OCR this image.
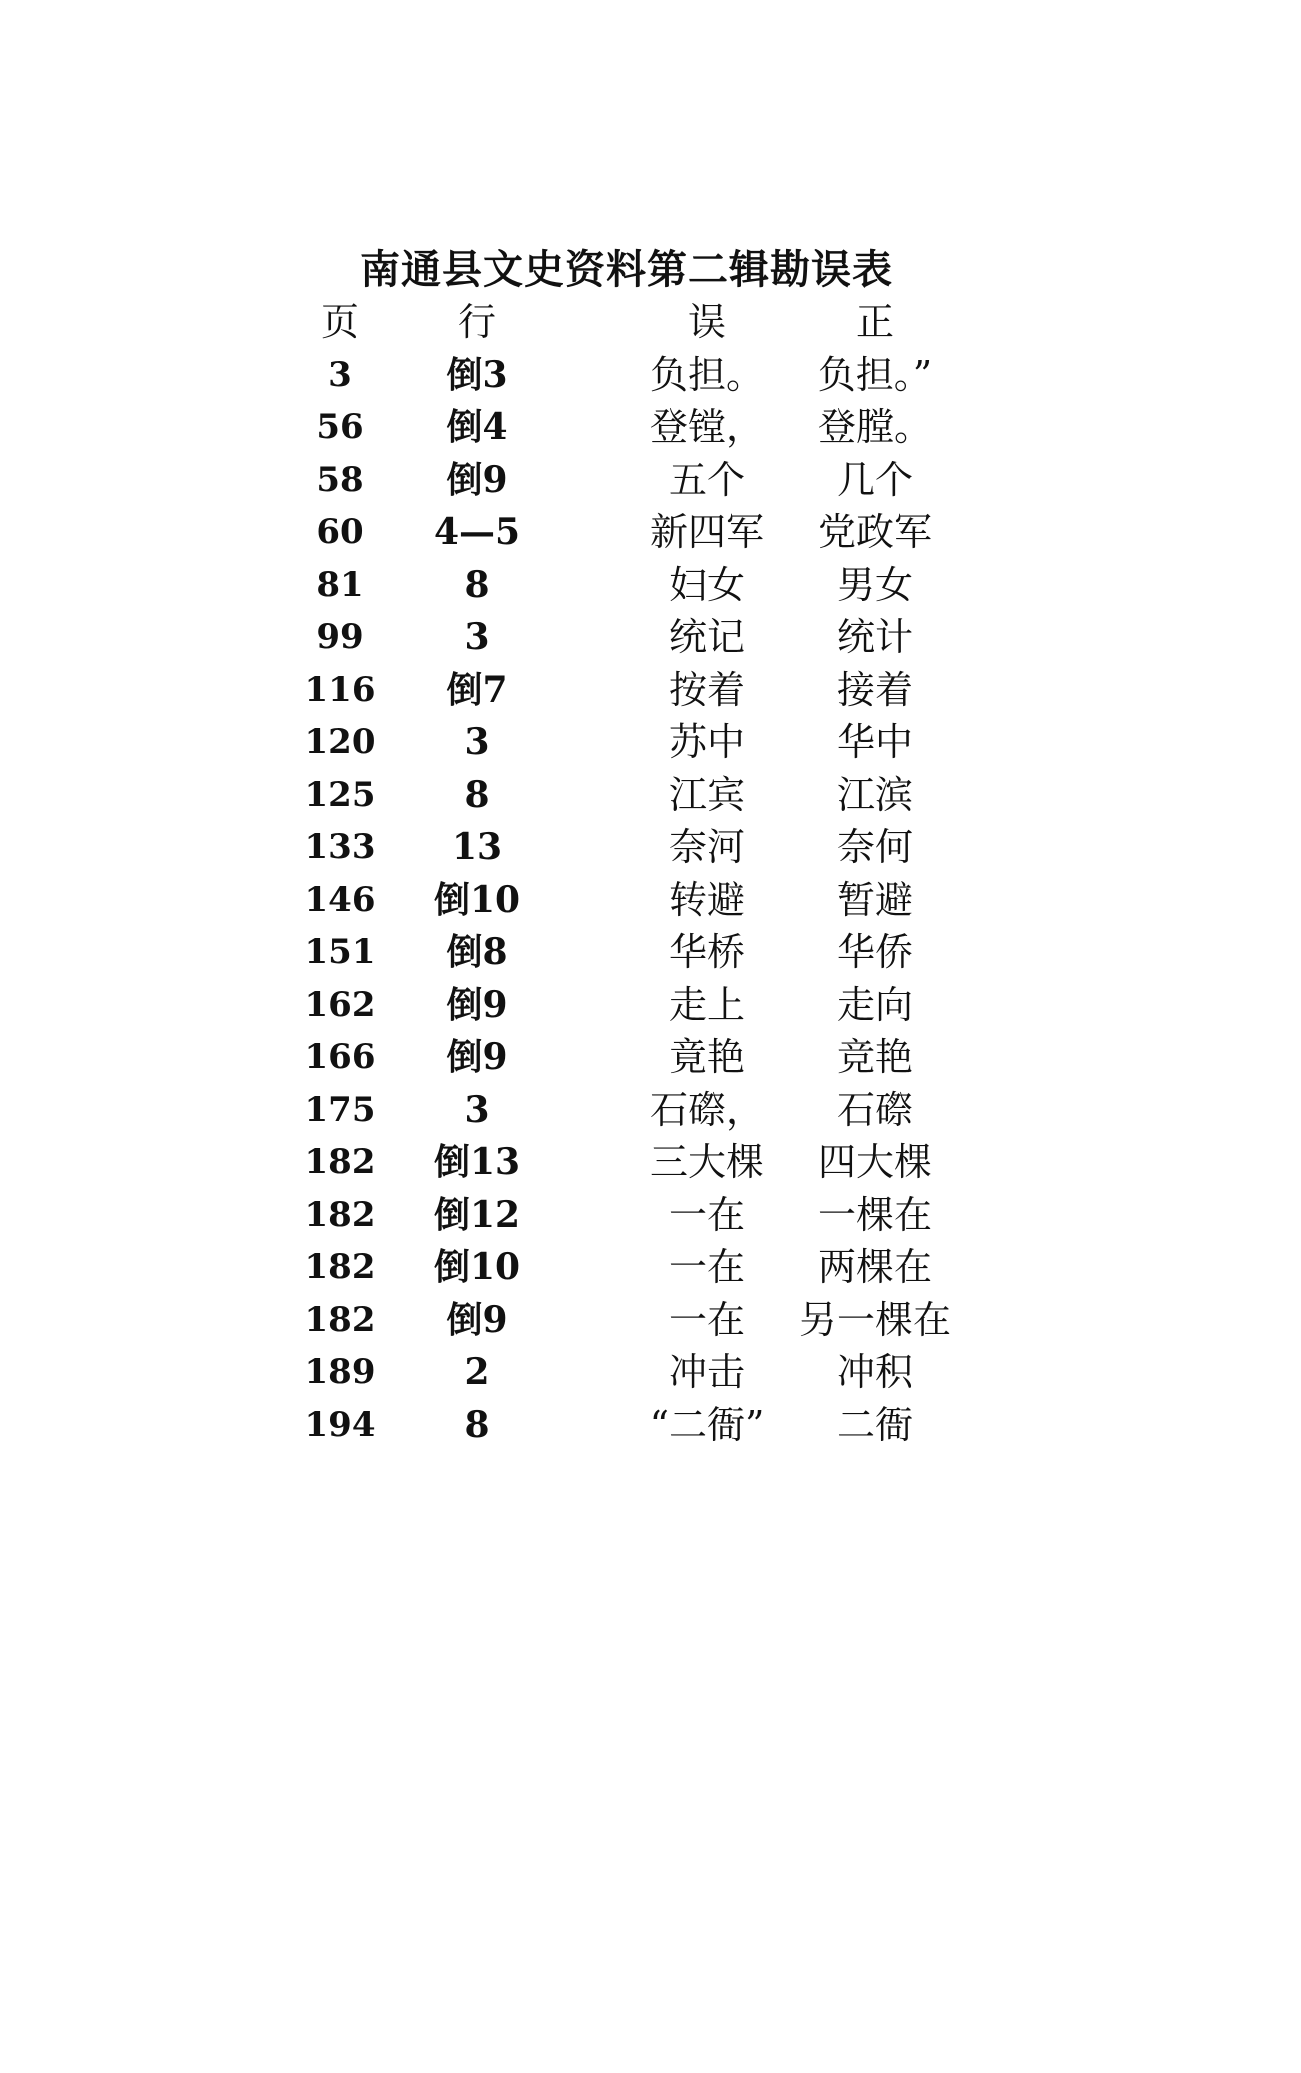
南通县文史资料第二辑勘误表
页	行	误	正
3	倒3	负担。	负担。”
56	倒4	登镗，	登膛。
58	倒9	五个	几个
60	4—5	新四军	党政军
81	8	妇女	男女
99	3	统记	统计
116	倒7	按着	接着
120	3	苏中	华中
125	8	江宾	江滨
133	13	奈河	奈何
146	倒10	转避	暂避
151	倒8	华桥	华侨
162	倒9	走上	走向
166	倒9	竟艳	竞艳
175	3	石磜，	石磜
182	倒13	三大棵	四大棵
182	倒12	一在	一棵在
182	倒10	一在	两棵在
182	倒9	一在	另一棵在
189	2	冲击	冲积
194	8	“二衙”	二衙
